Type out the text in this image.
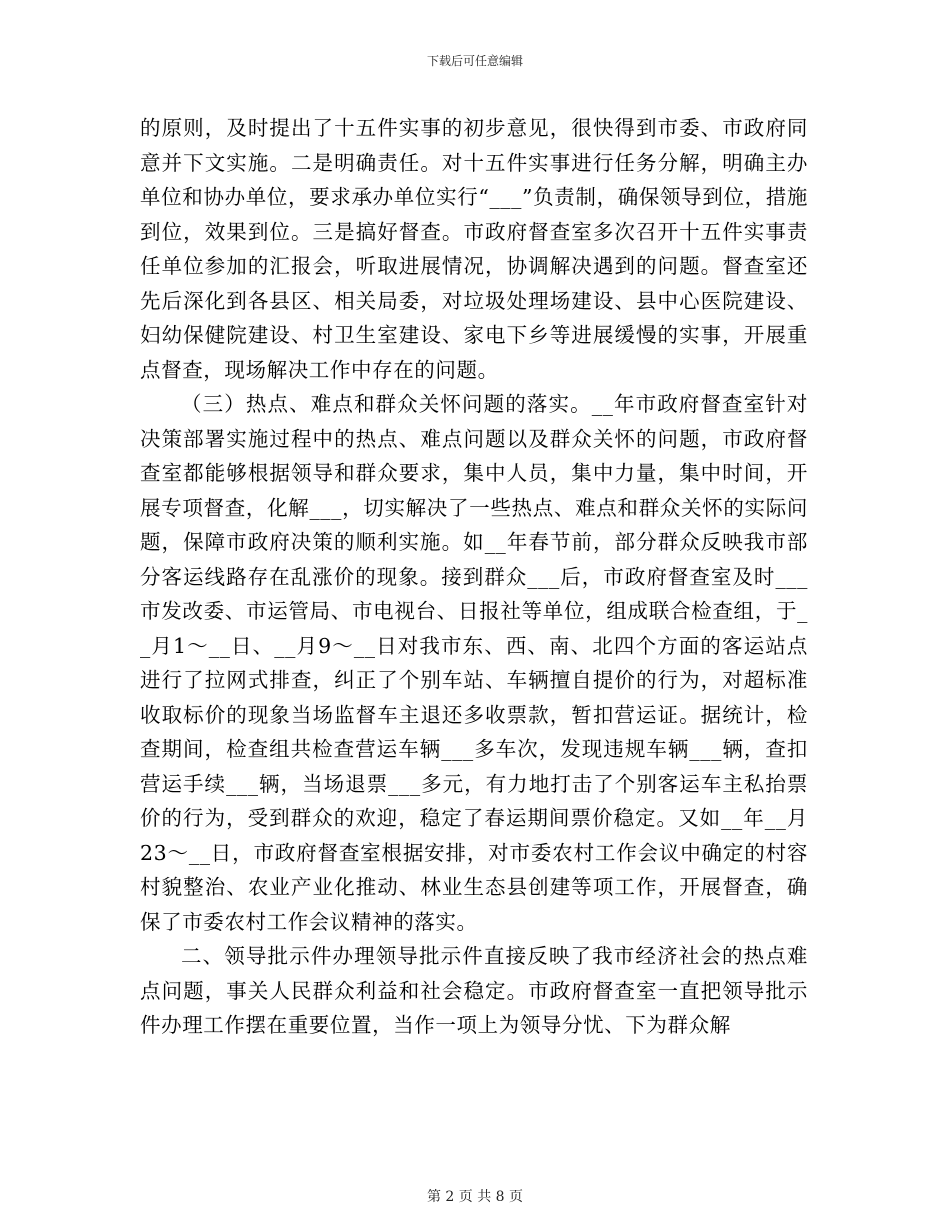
下载后可任意编辑

的原则，及时提出了十五件实事的初步意见，很快得到市委、市政府同意并下文实施。二是明确责任。对十五件实事进行任务分解，明确主办单位和协办单位，要求承办单位实行“___”负责制，确保领导到位，措施到位，效果到位。三是搞好督查。市政府督查室多次召开十五件实事责任单位参加的汇报会，听取进展情况，协调解决遇到的问题。督查室还先后深化到各县区、相关局委，对垃圾处理场建设、县中心医院建设、妇幼保健院建设、村卫生室建设、家电下乡等进展缓慢的实事，开展重点督查，现场解决工作中存在的问题。

（三）热点、难点和群众关怀问题的落实。__年市政府督查室针对决策部署实施过程中的热点、难点问题以及群众关怀的问题，市政府督查室都能够根据领导和群众要求，集中人员，集中力量，集中时间，开展专项督查，化解___，切实解决了一些热点、难点和群众关怀的实际问题，保障市政府决策的顺利实施。如__年春节前，部分群众反映我市部分客运线路存在乱涨价的现象。接到群众___后，市政府督查室及时___市发改委、市运管局、市电视台、日报社等单位，组成联合检查组，于__月1～__日、__月9～__日对我市东、西、南、北四个方面的客运站点进行了拉网式排查，纠正了个别车站、车辆擅自提价的行为，对超标准收取标价的现象当场监督车主退还多收票款，暂扣营运证。据统计，检查期间，检查组共检查营运车辆___多车次，发现违规车辆___辆，查扣营运手续___辆，当场退票___多元，有力地打击了个别客运车主私抬票价的行为，受到群众的欢迎，稳定了春运期间票价稳定。又如__年__月23～__日，市政府督查室根据安排，对市委农村工作会议中确定的村容村貌整治、农业产业化推动、林业生态县创建等项工作，开展督查，确保了市委农村工作会议精神的落实。

二、领导批示件办理领导批示件直接反映了我市经济社会的热点难点问题，事关人民群众利益和社会稳定。市政府督查室一直把领导批示件办理工作摆在重要位置，当作一项上为领导分忧、下为群众解

第 2 页 共 8 页
